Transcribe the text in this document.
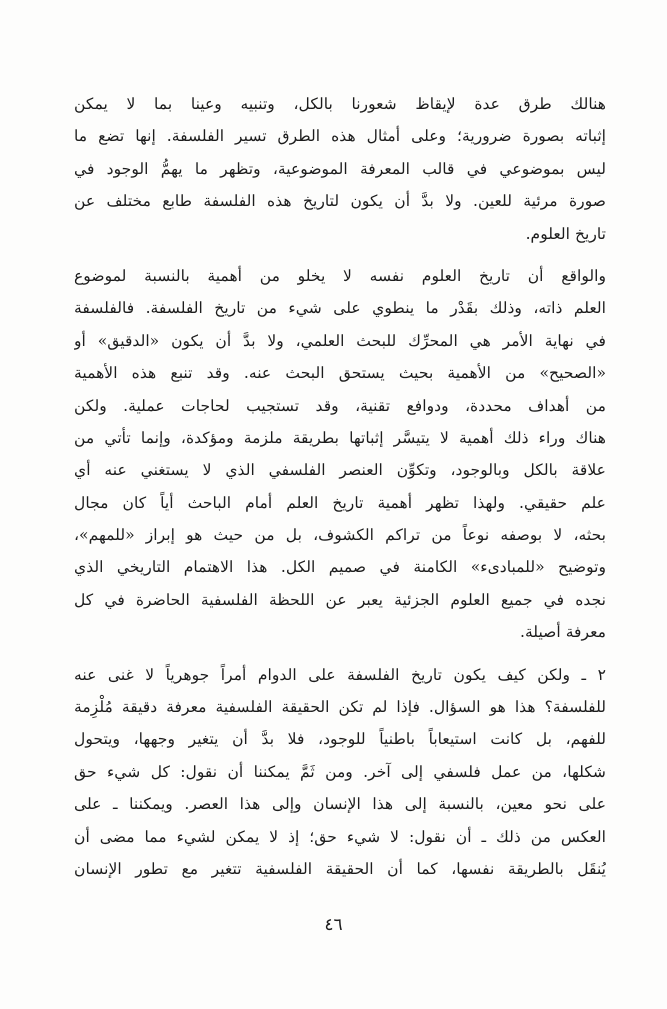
هنالك طرق عدة لإيقاظ شعورنا بالكل، وتنبيه وعينا بما لا يمكن
إثباته بصورة ضرورية؛ وعلى أمثال هذه الطرق تسير الفلسفة. إنها تضع ما
ليس بموضوعي في قالب المعرفة الموضوعية، وتظهر ما يهمُّ الوجود في
صورة مرئية للعين. ولا بدَّ أن يكون لتاريخ هذه الفلسفة طابع مختلف عن
تاريخ العلوم.
والواقع أن تاريخ العلوم نفسه لا يخلو من أهمية بالنسبة لموضوع
العلم ذاته، وذلك بقَدْر ما ينطوي على شيء من تاريخ الفلسفة. فالفلسفة
في نهاية الأمر هي المحرِّك للبحث العلمي، ولا بدَّ أن يكون «الدقيق» أو
«الصحيح» من الأهمية بحيث يستحق البحث عنه. وقد تنبع هذه الأهمية
من أهداف محددة، ودوافع تقنية، وقد تستجيب لحاجات عملية. ولكن
هناك وراء ذلك أهمية لا يتيسَّر إثباتها بطريقة ملزمة ومؤكدة، وإنما تأتي من
علاقة بالكل وبالوجود، وتكوِّن العنصر الفلسفي الذي لا يستغني عنه أي
علم حقيقي. ولهذا تظهر أهمية تاريخ العلم أمام الباحث أياً كان مجال
بحثه، لا بوصفه نوعاً من تراكم الكشوف، بل من حيث هو إبراز «للمهم»،
وتوضيح «للمبادىء» الكامنة في صميم الكل. هذا الاهتمام التاريخي الذي
نجده في جميع العلوم الجزئية يعبر عن اللحظة الفلسفية الحاضرة في كل
معرفة أصيلة.
٢ ـ ولكن كيف يكون تاريخ الفلسفة على الدوام أمراً جوهرياً لا غنى عنه
للفلسفة؟ هذا هو السؤال. فإذا لم تكن الحقيقة الفلسفية معرفة دقيقة مُلْزِمة
للفهم، بل كانت استيعاباً باطنياً للوجود، فلا بدَّ أن يتغير وجهها، ويتحول
شكلها، من عمل فلسفي إلى آخر. ومن ثَمَّ يمكننا أن نقول: كل شيء حق
على نحو معين، بالنسبة إلى هذا الإنسان وإلى هذا العصر. ويمكننا ـ على
العكس من ذلك ـ أن نقول: لا شيء حق؛ إذ لا يمكن لشيء مما مضى أن
يُنقَل بالطريقة نفسها، كما أن الحقيقة الفلسفية تتغير مع تطور الإنسان
٤٦
